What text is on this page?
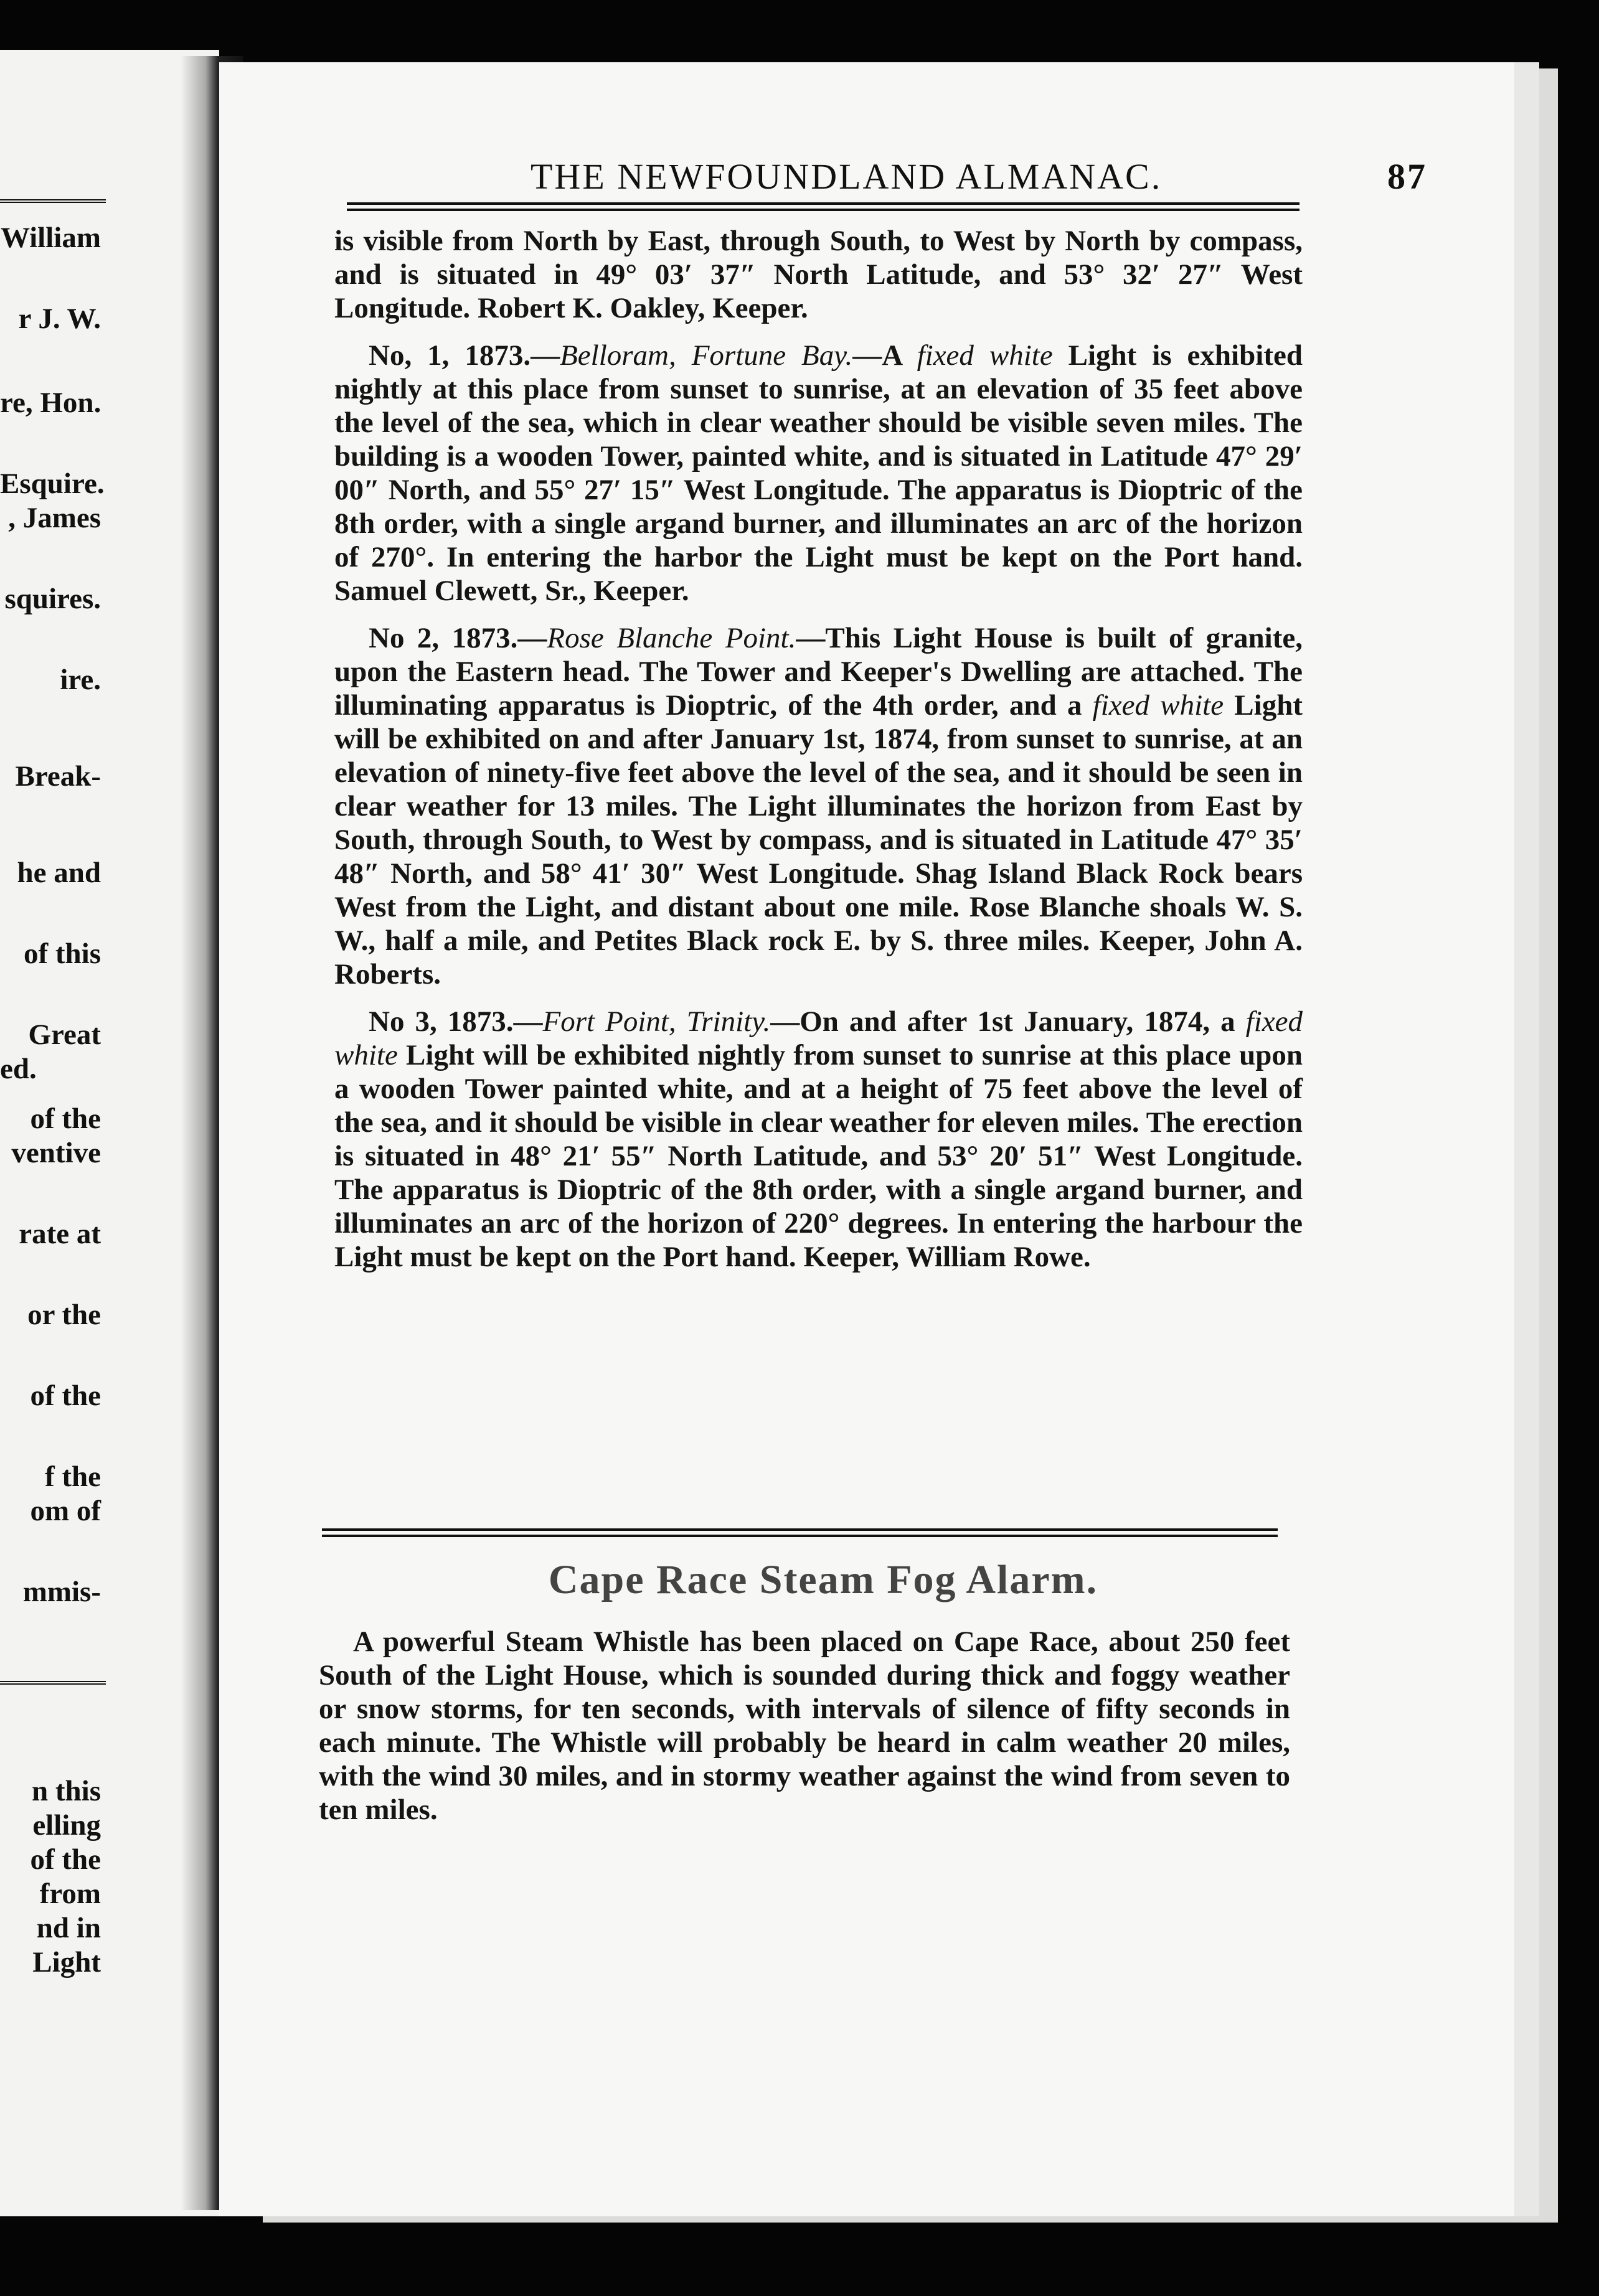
William
r J. W.
re, Hon.
Esquire.
, James
squires.
ire.
Break-
he and
of this
Great
ed.
of the
ventive
rate at
or the
of the
f the
om of
mmis-
n this
elling
of the
from
nd in
Light
THE NEWFOUNDLAND ALMANAC.	87

is visible from North by East, through South, to West by North by compass, and is situated in 49° 03′ 37″ North Latitude, and 53° 32′ 27″ West Longitude. Robert K. Oakley, Keeper.

No, 1, 1873.—Belloram, Fortune Bay.—A fixed white Light is exhibited nightly at this place from sunset to sunrise, at an elevation of 35 feet above the level of the sea, which in clear weather should be visible seven miles. The building is a wooden Tower, painted white, and is situated in Latitude 47° 29′ 00″ North, and 55° 27′ 15″ West Longitude. The apparatus is Dioptric of the 8th order, with a single argand burner, and illuminates an arc of the horizon of 270°. In entering the harbor the Light must be kept on the Port hand. Samuel Clewett, Sr., Keeper.

No 2, 1873.—Rose Blanche Point.—This Light House is built of granite, upon the Eastern head. The Tower and Keeper's Dwelling are attached. The illuminating apparatus is Dioptric, of the 4th order, and a fixed white Light will be exhibited on and after January 1st, 1874, from sunset to sunrise, at an elevation of ninety-five feet above the level of the sea, and it should be seen in clear weather for 13 miles. The Light illuminates the horizon from East by South, through South, to West by compass, and is situated in Latitude 47° 35′ 48″ North, and 58° 41′ 30″ West Longitude. Shag Island Black Rock bears West from the Light, and distant about one mile. Rose Blanche shoals W. S. W., half a mile, and Petites Black rock E. by S. three miles. Keeper, John A. Roberts.

No 3, 1873.—Fort Point, Trinity.—On and after 1st January, 1874, a fixed white Light will be exhibited nightly from sunset to sunrise at this place upon a wooden Tower painted white, and at a height of 75 feet above the level of the sea, and it should be visible in clear weather for eleven miles. The erection is situated in 48° 21′ 55″ North Latitude, and 53° 20′ 51″ West Longitude. The apparatus is Dioptric of the 8th order, with a single argand burner, and illuminates an arc of the horizon of 220° degrees. In entering the harbour the Light must be kept on the Port hand. Keeper, William Rowe.

Cape Race Steam Fog Alarm.

A powerful Steam Whistle has been placed on Cape Race, about 250 feet South of the Light House, which is sounded during thick and foggy weather or snow storms, for ten seconds, with intervals of silence of fifty seconds in each minute. The Whistle will probably be heard in calm weather 20 miles, with the wind 30 miles, and in stormy weather against the wind from seven to ten miles.
